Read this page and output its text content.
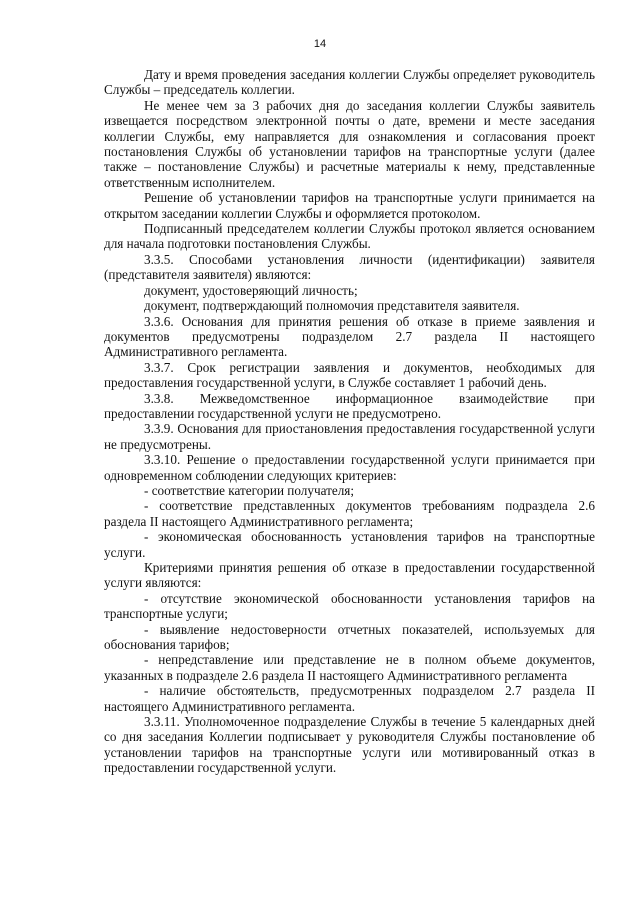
14

Дату и время проведения заседания коллегии Службы определяет руководитель Службы – председатель коллегии.

Не менее чем за 3 рабочих дня до заседания коллегии Службы заявитель извещается посредством электронной почты о дате, времени и месте заседания коллегии Службы, ему направляется для ознакомления и согласования проект постановления Службы об установлении тарифов на транспортные услуги (далее также – постановление Службы) и расчетные материалы к нему, представленные ответственным исполнителем.

Решение об установлении тарифов на транспортные услуги принимается на открытом заседании коллегии Службы и оформляется протоколом.

Подписанный председателем коллегии Службы протокол является основанием для начала подготовки постановления Службы.

3.3.5. Способами установления личности (идентификации) заявителя (представителя заявителя) являются:

документ, удостоверяющий личность;

документ, подтверждающий полномочия представителя заявителя.

3.3.6. Основания для принятия решения об отказе в приеме заявления и документов предусмотрены подразделом 2.7 раздела II настоящего Административного регламента.

3.3.7. Срок регистрации заявления и документов, необходимых для предоставления государственной услуги, в Службе составляет 1 рабочий день.

3.3.8. Межведомственное информационное взаимодействие при предоставлении государственной услуги не предусмотрено.

3.3.9. Основания для приостановления предоставления государственной услуги не предусмотрены.

3.3.10. Решение о предоставлении государственной услуги принимается при одновременном соблюдении следующих критериев:

- соответствие категории получателя;

- соответствие представленных документов требованиям подраздела 2.6 раздела II настоящего Административного регламента;

- экономическая обоснованность установления тарифов на транспортные услуги.

Критериями принятия решения об отказе в предоставлении государственной услуги являются:

- отсутствие экономической обоснованности установления тарифов на транспортные услуги;

- выявление недостоверности отчетных показателей, используемых для обоснования тарифов;

- непредставление или представление не в полном объеме документов, указанных в подразделе 2.6 раздела II настоящего Административного регламента

- наличие обстоятельств, предусмотренных подразделом 2.7 раздела II настоящего Административного регламента.

3.3.11. Уполномоченное подразделение Службы в течение 5 календарных дней со дня заседания Коллегии подписывает у руководителя Службы постановление об установлении тарифов на транспортные услуги или мотивированный отказ в предоставлении государственной услуги.
